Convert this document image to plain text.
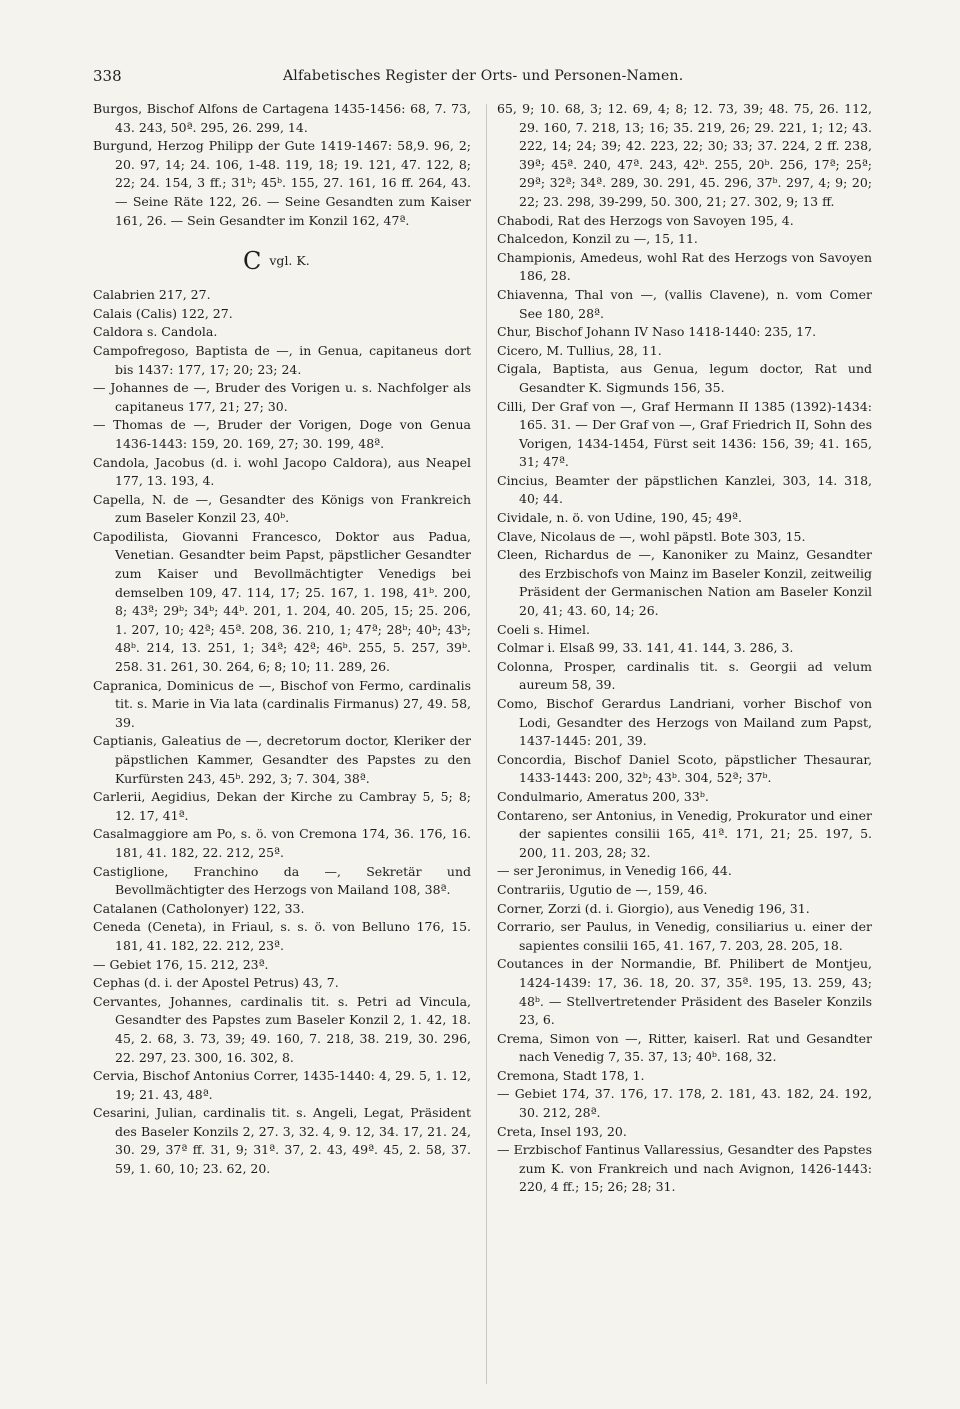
338	Alfabetisches Register der Orts- und Personen-Namen.

Burgos, Bischof Alfons de Cartagena 1435-1456: 68, 7. 73, 43. 243, 50ª. 295, 26. 299, 14.

Burgund, Herzog Philipp der Gute 1419-1467: 58,9. 96, 2; 20. 97, 14; 24. 106, 1-48. 119, 18; 19. 121, 47. 122, 8; 22; 24. 154, 3 ff.; 31ᵇ; 45ᵇ. 155, 27. 161, 16 ff. 264, 43. — Seine Räte 122, 26. — Seine Gesandten zum Kaiser 161, 26. — Sein Gesandter im Konzil 162, 47ª.

C vgl. K.

Calabrien 217, 27.

Calais (Calis) 122, 27.

Caldora s. Candola.

Campofregoso, Baptista de —, in Genua, capitaneus dort bis 1437: 177, 17; 20; 23; 24.

— Johannes de —, Bruder des Vorigen u. s. Nachfolger als capitaneus 177, 21; 27; 30.

— Thomas de —, Bruder der Vorigen, Doge von Genua 1436-1443: 159, 20. 169, 27; 30. 199, 48ª.

Candola, Jacobus (d. i. wohl Jacopo Caldora), aus Neapel 177, 13. 193, 4.

Capella, N. de —, Gesandter des Königs von Frankreich zum Baseler Konzil 23, 40ᵇ.

Capodilista, Giovanni Francesco, Doktor aus Padua, Venetian. Gesandter beim Papst, päpstlicher Gesandter zum Kaiser und Bevollmächtigter Venedigs bei demselben 109, 47. 114, 17; 25. 167, 1. 198, 41ᵇ. 200, 8; 43ª; 29ᵇ; 34ᵇ; 44ᵇ. 201, 1. 204, 40. 205, 15; 25. 206, 1. 207, 10; 42ª; 45ª. 208, 36. 210, 1; 47ª; 28ᵇ; 40ᵇ; 43ᵇ; 48ᵇ. 214, 13. 251, 1; 34ª; 42ª; 46ᵇ. 255, 5. 257, 39ᵇ. 258. 31. 261, 30. 264, 6; 8; 10; 11. 289, 26.

Capranica, Dominicus de —, Bischof von Fermo, cardinalis tit. s. Marie in Via lata (cardinalis Firmanus) 27, 49. 58, 39.

Captianis, Galeatius de —, decretorum doctor, Kleriker der päpstlichen Kammer, Gesandter des Papstes zu den Kurfürsten 243, 45ᵇ. 292, 3; 7. 304, 38ª.

Carlerii, Aegidius, Dekan der Kirche zu Cambray 5, 5; 8; 12. 17, 41ª.

Casalmaggiore am Po, s. ö. von Cremona 174, 36. 176, 16. 181, 41. 182, 22. 212, 25ª.

Castiglione, Franchino da —, Sekretär und Bevollmächtigter des Herzogs von Mailand 108, 38ª.

Catalanen (Catholonyer) 122, 33.

Ceneda (Ceneta), in Friaul, s. s. ö. von Belluno 176, 15. 181, 41. 182, 22. 212, 23ª.

— Gebiet 176, 15. 212, 23ª.

Cephas (d. i. der Apostel Petrus) 43, 7.

Cervantes, Johannes, cardinalis tit. s. Petri ad Vincula, Gesandter des Papstes zum Baseler Konzil 2, 1. 42, 18. 45, 2. 68, 3. 73, 39; 49. 160, 7. 218, 38. 219, 30. 296, 22. 297, 23. 300, 16. 302, 8.

Cervia, Bischof Antonius Correr, 1435-1440: 4, 29. 5, 1. 12, 19; 21. 43, 48ª.

Cesarini, Julian, cardinalis tit. s. Angeli, Legat, Präsident des Baseler Konzils 2, 27. 3, 32. 4, 9. 12, 34. 17, 21. 24, 30. 29, 37ª ff. 31, 9; 31ª. 37, 2. 43, 49ª. 45, 2. 58, 37. 59, 1. 60, 10; 23. 62, 20.

65, 9; 10. 68, 3; 12. 69, 4; 8; 12. 73, 39; 48. 75, 26. 112, 29. 160, 7. 218, 13; 16; 35. 219, 26; 29. 221, 1; 12; 43. 222, 14; 24; 39; 42. 223, 22; 30; 33; 37. 224, 2 ff. 238, 39ª; 45ª. 240, 47ª. 243, 42ᵇ. 255, 20ᵇ. 256, 17ª; 25ª; 29ª; 32ª; 34ª. 289, 30. 291, 45. 296, 37ᵇ. 297, 4; 9; 20; 22; 23. 298, 39-299, 50. 300, 21; 27. 302, 9; 13 ff.

Chabodi, Rat des Herzogs von Savoyen 195, 4.

Chalcedon, Konzil zu —, 15, 11.

Championis, Amedeus, wohl Rat des Herzogs von Savoyen 186, 28.

Chiavenna, Thal von —, (vallis Clavene), n. vom Comer See 180, 28ª.

Chur, Bischof Johann IV Naso 1418-1440: 235, 17.

Cicero, M. Tullius, 28, 11.

Cigala, Baptista, aus Genua, legum doctor, Rat und Gesandter K. Sigmunds 156, 35.

Cilli, Der Graf von —, Graf Hermann II 1385 (1392)-1434: 165. 31. — Der Graf von —, Graf Friedrich II, Sohn des Vorigen, 1434-1454, Fürst seit 1436: 156, 39; 41. 165, 31; 47ª.

Cincius, Beamter der päpstlichen Kanzlei, 303, 14. 318, 40; 44.

Cividale, n. ö. von Udine, 190, 45; 49ª.

Clave, Nicolaus de —, wohl päpstl. Bote 303, 15.

Cleen, Richardus de —, Kanoniker zu Mainz, Gesandter des Erzbischofs von Mainz im Baseler Konzil, zeitweilig Präsident der Germanischen Nation am Baseler Konzil 20, 41; 43. 60, 14; 26.

Coeli s. Himel.

Colmar i. Elsaß 99, 33. 141, 41. 144, 3. 286, 3.

Colonna, Prosper, cardinalis tit. s. Georgii ad velum aureum 58, 39.

Como, Bischof Gerardus Landriani, vorher Bischof von Lodi, Gesandter des Herzogs von Mailand zum Papst, 1437-1445: 201, 39.

Concordia, Bischof Daniel Scoto, päpstlicher Thesaurar, 1433-1443: 200, 32ᵇ; 43ᵇ. 304, 52ª; 37ᵇ.

Condulmario, Ameratus 200, 33ᵇ.

Contareno, ser Antonius, in Venedig, Prokurator und einer der sapientes consilii 165, 41ª. 171, 21; 25. 197, 5. 200, 11. 203, 28; 32.

— ser Jeronimus, in Venedig 166, 44.

Contrariis, Ugutio de —, 159, 46.

Corner, Zorzi (d. i. Giorgio), aus Venedig 196, 31.

Corrario, ser Paulus, in Venedig, consiliarius u. einer der sapientes consilii 165, 41. 167, 7. 203, 28. 205, 18.

Coutances in der Normandie, Bf. Philibert de Montjeu, 1424-1439: 17, 36. 18, 20. 37, 35ª. 195, 13. 259, 43; 48ᵇ. — Stellvertretender Präsident des Baseler Konzils 23, 6.

Crema, Simon von —, Ritter, kaiserl. Rat und Gesandter nach Venedig 7, 35. 37, 13; 40ᵇ. 168, 32.

Cremona, Stadt 178, 1.

— Gebiet 174, 37. 176, 17. 178, 2. 181, 43. 182, 24. 192, 30. 212, 28ª.

Creta, Insel 193, 20.

— Erzbischof Fantinus Vallaressius, Gesandter des Papstes zum K. von Frankreich und nach Avignon, 1426-1443: 220, 4 ff.; 15; 26; 28; 31.
